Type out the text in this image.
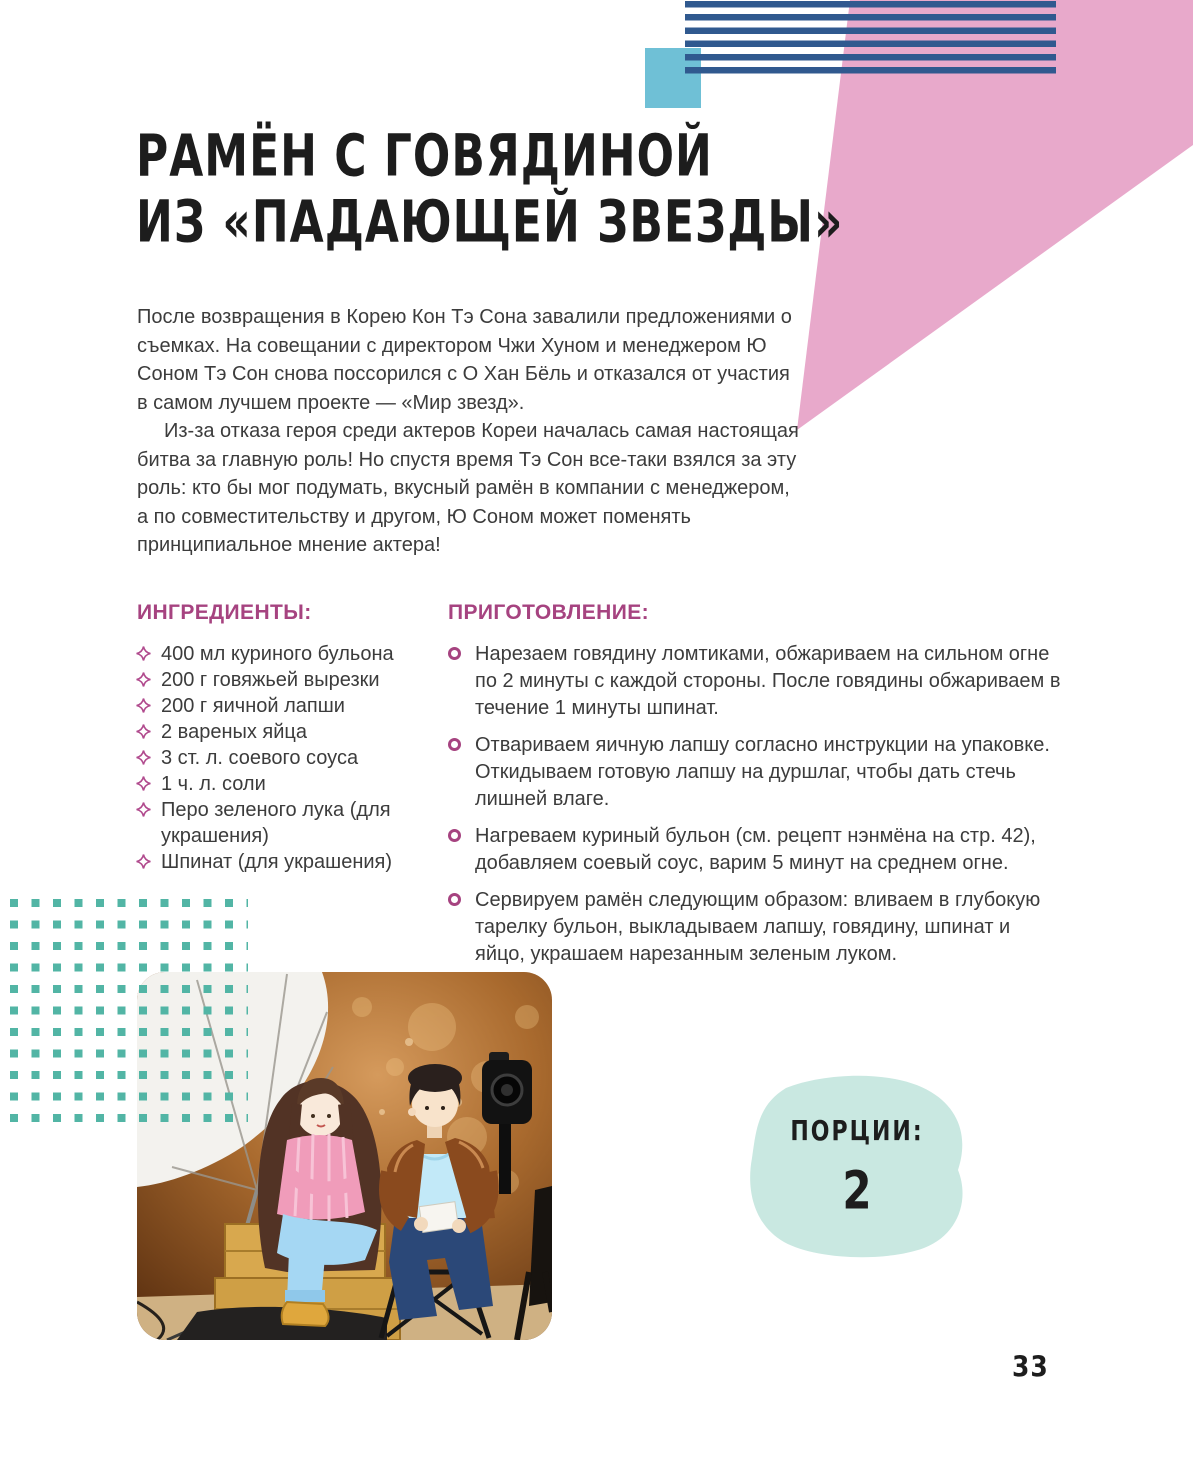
РАМЁН С ГОВЯДИНОЙ
ИЗ «ПАДАЮЩЕЙ ЗВЕЗДЫ»

После возвращения в Корею Кон Тэ Сона завалили предложениями о съемках. На совещании с директором Чжи Хуном и менеджером Ю Соном Тэ Сон снова поссорился с О Хан Бёль и отказался от участия в самом лучшем проекте — «Мир звезд».

Из-за отказа героя среди актеров Кореи началась самая настоящая битва за главную роль! Но спустя время Тэ Сон все-таки взялся за эту роль: кто бы мог подумать, вкусный рамён в компании с менеджером, а по совместительству и другом, Ю Соном может поменять принципиальное мнение актера!

ИНГРЕДИЕНТЫ:
400 мл куриного бульона
200 г говяжьей вырезки
200 г яичной лапши
2 вареных яйца
3 ст. л. соевого соуса
1 ч. л. соли
Перо зеленого лука (для украшения)
Шпинат (для украшения)
ПРИГОТОВЛЕНИЕ:
Нарезаем говядину ломтиками, обжариваем на сильном огне по 2 минуты с каждой стороны. После говядины обжариваем в течение 1 минуты шпинат.
Отвариваем яичную лапшу согласно инструкции на упаковке. Откидываем готовую лапшу на дуршлаг, чтобы дать стечь лишней влаге.
Нагреваем куриный бульон (см. рецепт нэнмёна на стр. 42), добавляем соевый соус, варим 5 минут на среднем огне.
Сервируем рамён следующим образом: вливаем в глубокую тарелку бульон, выкладываем лапшу, говядину, шпинат и яйцо, украшаем нарезанным зеленым луком.
ПОРЦИИ:
2
33
